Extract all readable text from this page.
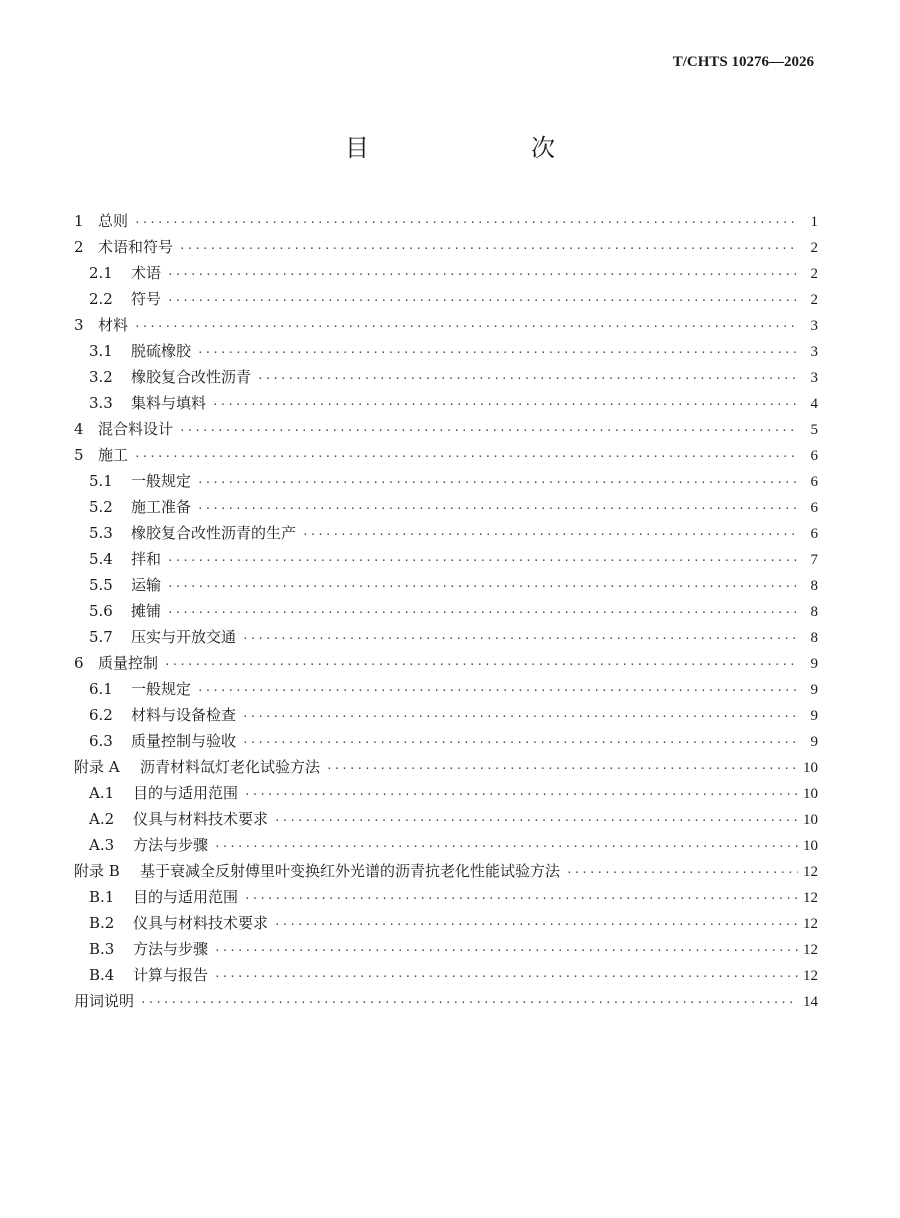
T/CHTS 10276—2026
目　　次
1 总则 ·····	1
2 术语和符号 ·····	2
2.1	术语 ·····	2
2.2	符号 ·····	2
3 材料 ·····	3
3.1	脱硫橡胶 ·····	3
3.2	橡胶复合改性沥青 ·····	3
3.3	集料与填料 ·····	4
4 混合料设计 ·····	5
5 施工 ·····	6
5.1	一般规定 ·····	6
5.2	施工准备 ·····	6
5.3	橡胶复合改性沥青的生产 ·····	6
5.4	拌和 ·····	7
5.5	运输 ·····	8
5.6	摊铺 ·····	8
5.7	压实与开放交通 ·····	8
6 质量控制 ·····	9
6.1	一般规定 ·····	9
6.2	材料与设备检查 ·····	9
6.3	质量控制与验收 ·····	9
附录 A	沥青材料氙灯老化试验方法 ·····	10
A.1	目的与适用范围 ·····	10
A.2	仪具与材料技术要求 ·····	10
A.3	方法与步骤 ·····	10
附录 B	基于衰减全反射傅里叶变换红外光谱的沥青抗老化性能试验方法 ·····	12
B.1	目的与适用范围 ·····	12
B.2	仪具与材料技术要求 ·····	12
B.3	方法与步骤 ·····	12
B.4	计算与报告 ·····	12
用词说明 ·····	14
